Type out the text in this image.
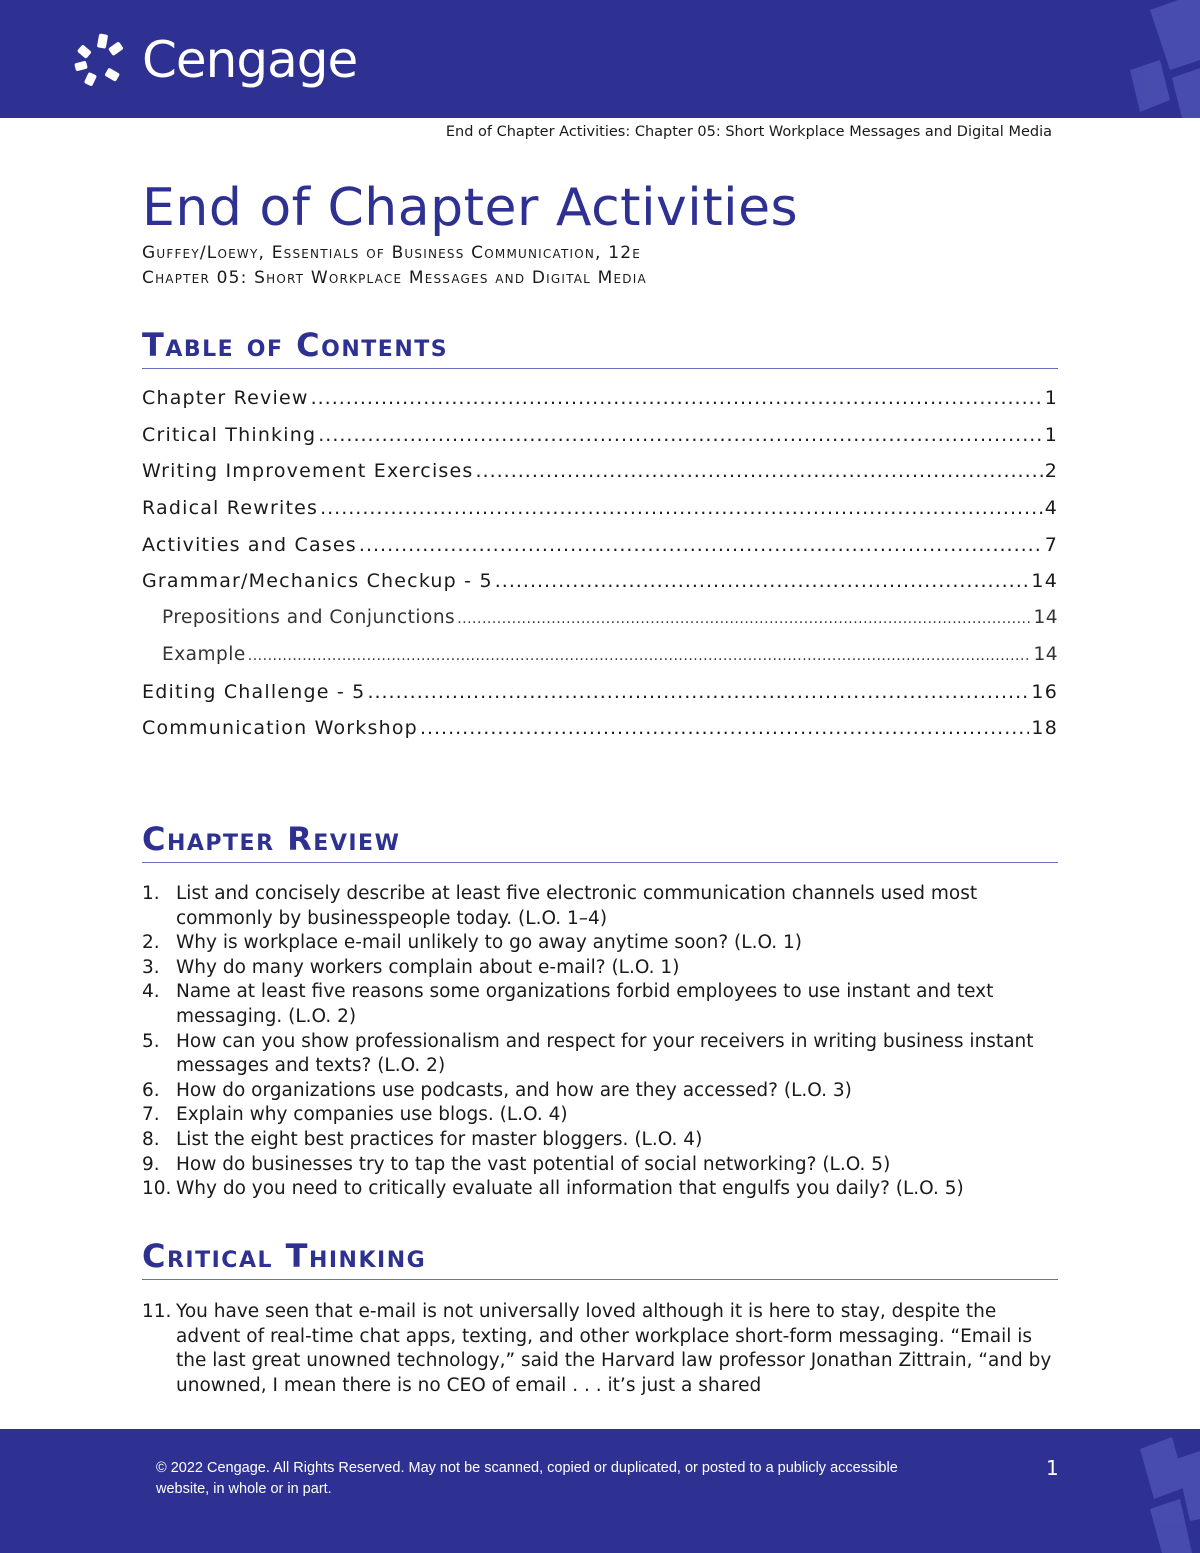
Cengage
End of Chapter Activities: Chapter 05: Short Workplace Messages and Digital Media
End of Chapter Activities
Guffey/Loewy, Essentials of Business Communication, 12e
Chapter 05: Short Workplace Messages and Digital Media
Table of Contents
Chapter Review .....	1
Critical Thinking .....	1
Writing Improvement Exercises .....	2
Radical Rewrites .....	4
Activities and Cases .....	7
Grammar/Mechanics Checkup - 5 .....	14
Prepositions and Conjunctions .....	14
Example .....	14
Editing Challenge - 5 .....	16
Communication Workshop .....	18
Chapter Review
1. List and concisely describe at least five electronic communication channels used most commonly by businesspeople today. (L.O. 1–4)
2. Why is workplace e-mail unlikely to go away anytime soon? (L.O. 1)
3. Why do many workers complain about e-mail? (L.O. 1)
4. Name at least five reasons some organizations forbid employees to use instant and text messaging. (L.O. 2)
5. How can you show professionalism and respect for your receivers in writing business instant messages and texts? (L.O. 2)
6. How do organizations use podcasts, and how are they accessed? (L.O. 3)
7. Explain why companies use blogs. (L.O. 4)
8. List the eight best practices for master bloggers. (L.O. 4)
9. How do businesses try to tap the vast potential of social networking? (L.O. 5)
10. Why do you need to critically evaluate all information that engulfs you daily? (L.O. 5)
Critical Thinking
11. You have seen that e-mail is not universally loved although it is here to stay, despite the advent of real-time chat apps, texting, and other workplace short-form messaging. “Email is the last great unowned technology,” said the Harvard law professor Jonathan Zittrain, “and by unowned, I mean there is no CEO of email . . . it’s just a shared
© 2022 Cengage. All Rights Reserved. May not be scanned, copied or duplicated, or posted to a publicly accessible website, in whole or in part.
1
